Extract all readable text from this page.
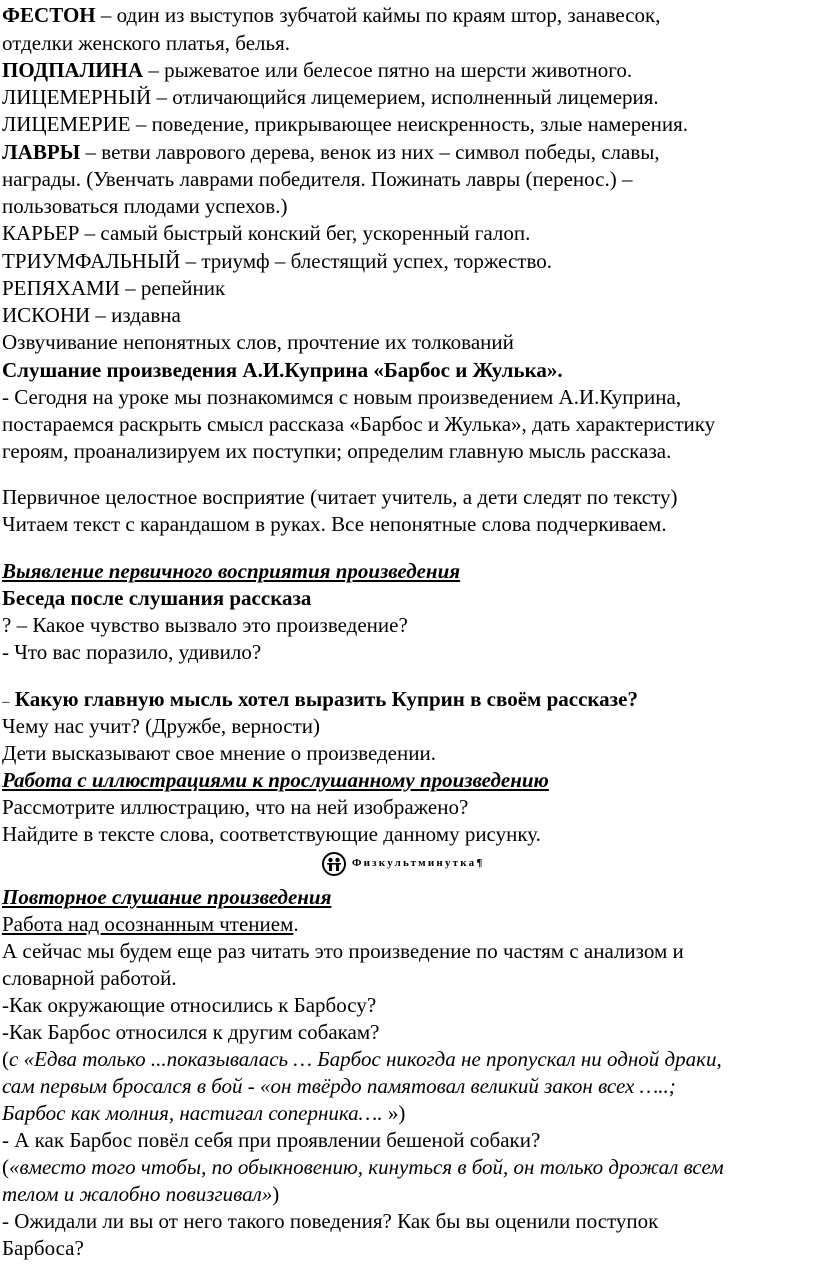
ФЕСТОН – один из выступов зубчатой каймы по краям штор, занавесок,
отделки женского платья, белья.
ПОДПАЛИНА – рыжеватое или белесое пятно на шерсти животного.
ЛИЦЕМЕРНЫЙ – отличающийся лицемерием, исполненный лицемерия.
ЛИЦЕМЕРИЕ – поведение, прикрывающее неискренность, злые намерения.
ЛАВРЫ – ветви лаврового дерева, венок из них – символ победы, славы,
награды. (Увенчать лаврами победителя. Пожинать лавры (перенос.) –
пользоваться плодами успехов.)
КАРЬЕР – самый быстрый конский бег, ускоренный галоп.
ТРИУМФАЛЬНЫЙ – триумф – блестящий успех, торжество.
РЕПЯХАМИ – репейник
ИСКОНИ – издавна
Озвучивание непонятных слов, прочтение их толкований
Слушание произведения А.И.Куприна «Барбос и Жулька».
- Сегодня на уроке мы познакомимся с новым произведением А.И.Куприна,
постараемся раскрыть смысл рассказа «Барбос и Жулька», дать характеристику
героям, проанализируем их поступки; определим главную мысль рассказа.
Первичное целостное восприятие (читает учитель, а дети следят по тексту)
Читаем текст с карандашом в руках. Все непонятные слова подчеркиваем.
Выявление первичного восприятия произведения
Беседа после слушания рассказа
? – Какое чувство вызвало это произведение?
- Что вас поразило, удивило?
– Какую главную мысль хотел выразить Куприн в своём рассказе?
Чему нас учит? (Дружбе, верности)
Дети высказывают свое мнение о произведении.
Работа с иллюстрациями к прослушанному произведению
Рассмотрите иллюстрацию, что на ней изображено?
Найдите в тексте слова, соответствующие данному рисунку.
Физкультминутка¶
Повторное слушание произведения
Работа над осознанным чтением.
А сейчас мы будем еще раз читать это произведение по частям с анализом и
словарной работой.
-Как окружающие относились к Барбосу?
-Как Барбос относился к другим собакам?
(с «Едва только ...показывалась … Барбос никогда не пропускал ни одной драки,
сам первым бросался в бой - «он твёрдо памятовал великий закон всех …..;
Барбос как молния, настигал соперника…. »)
- А как Барбос повёл себя при проявлении бешеной собаки?
(«вместо того чтобы, по обыкновению, кинуться в бой, он только дрожал всем
телом и жалобно повизгивал»)
- Ожидали ли вы от него такого поведения? Как бы вы оценили поступок
Барбоса?
